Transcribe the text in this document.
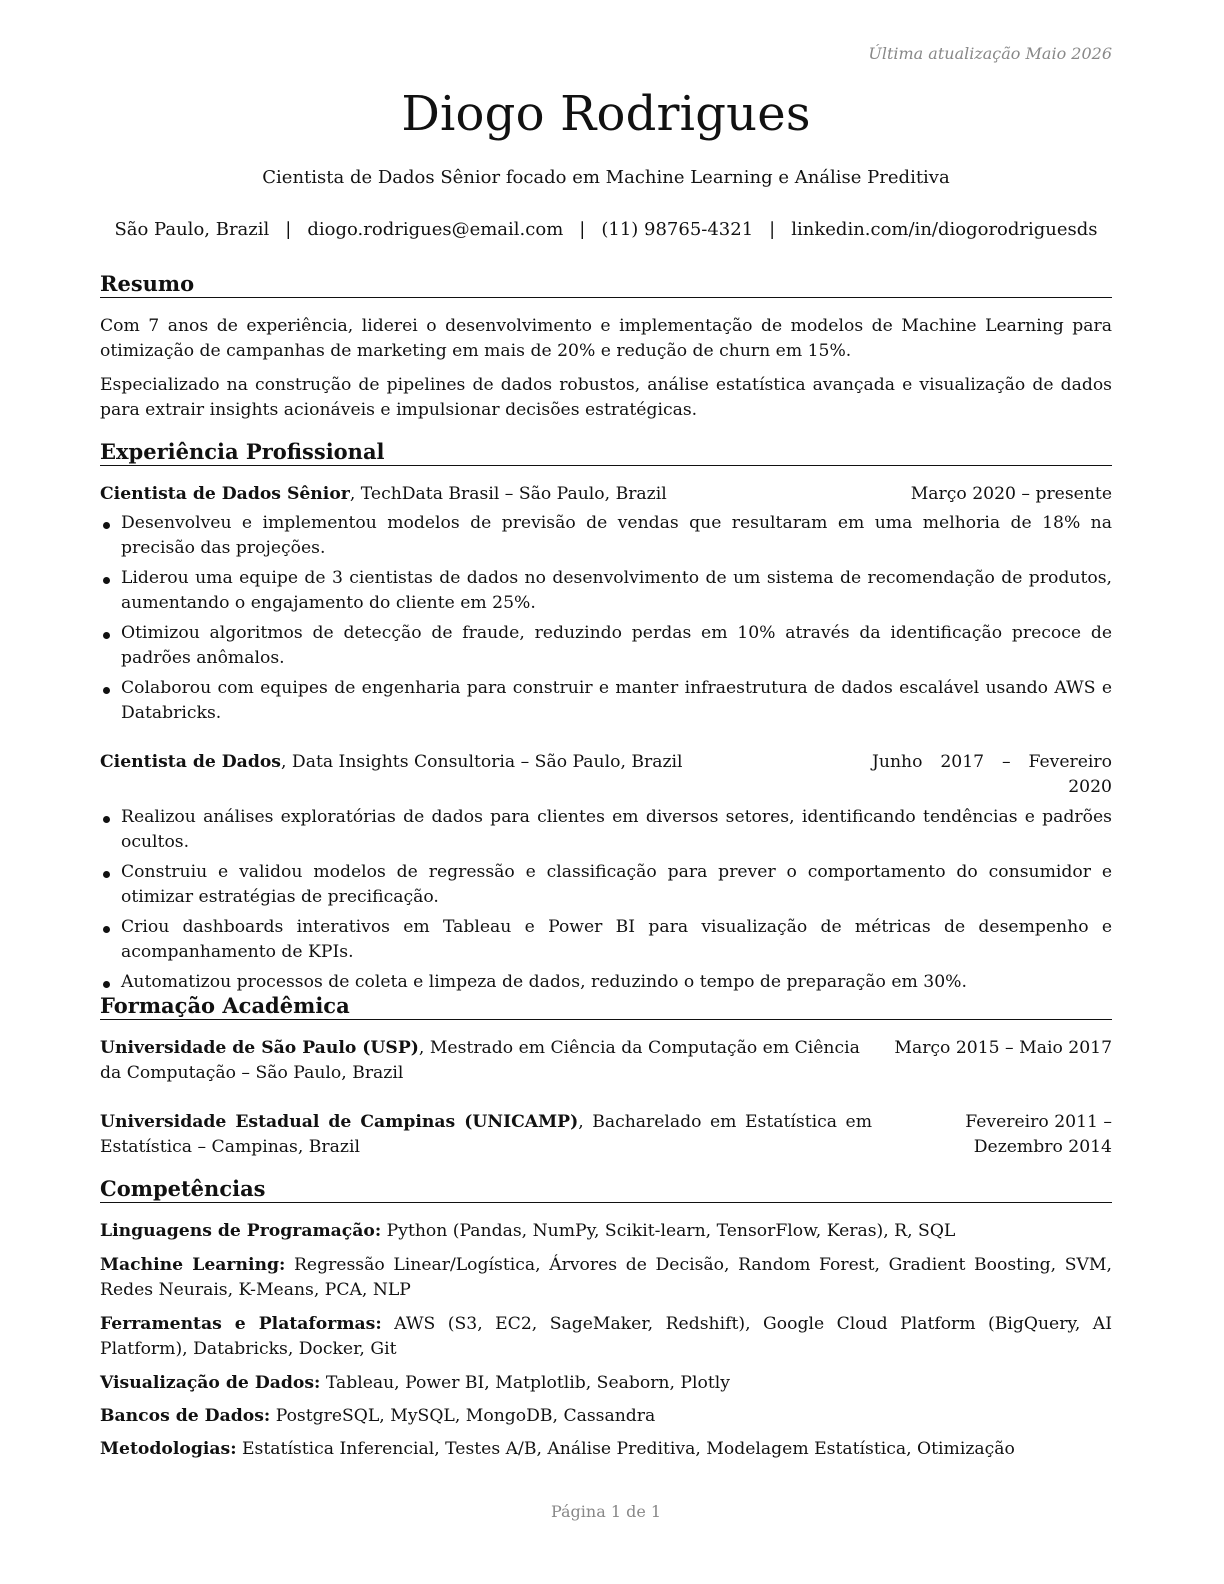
Última atualização Maio 2026
Diogo Rodrigues
Cientista de Dados Sênior focado em Machine Learning e Análise Preditiva
São Paulo, Brazil | diogo.rodrigues@email.com | (11) 98765-4321 | linkedin.com/in/diogorodriguesds
Resumo

Com 7 anos de experiência, liderei o desenvolvimento e implementação de modelos de Machine Learning para otimização de campanhas de marketing em mais de 20% e redução de churn em 15%.

Especializado na construção de pipelines de dados robustos, análise estatística avançada e visualização de dados para extrair insights acionáveis e impulsionar decisões estratégicas.

Experiência Profissional
Cientista de Dados Sênior, TechData Brasil – São Paulo, Brazil	Março 2020 – presente
Desenvolveu e implementou modelos de previsão de vendas que resultaram em uma melhoria de 18% na precisão das projeções.
Liderou uma equipe de 3 cientistas de dados no desenvolvimento de um sistema de recomendação de produtos, aumentando o engajamento do cliente em 25%.
Otimizou algoritmos de detecção de fraude, reduzindo perdas em 10% através da identificação precoce de padrões anômalos.
Colaborou com equipes de engenharia para construir e manter infraestrutura de dados escalável usando AWS e Databricks.
Cientista de Dados, Data Insights Consultoria – São Paulo, Brazil	Junho 2017 – Fevereiro 2020
Realizou análises exploratórias de dados para clientes em diversos setores, identificando tendências e padrões ocultos.
Construiu e validou modelos de regressão e classificação para prever o comportamento do consumidor e otimizar estratégias de precificação.
Criou dashboards interativos em Tableau e Power BI para visualização de métricas de desempenho e acompanhamento de KPIs.
Automatizou processos de coleta e limpeza de dados, reduzindo o tempo de preparação em 30%.
Formação Acadêmica
Universidade de São Paulo (USP), Mestrado em Ciência da Computação em Ciência da Computação – São Paulo, Brazil
Março 2015 – Maio 2017
Universidade Estadual de Campinas (UNICAMP), Bacharelado em Estatística em Estatística – Campinas, Brazil
Fevereiro 2011 – Dezembro 2014
Competências
Linguagens de Programação: Python (Pandas, NumPy, Scikit-learn, TensorFlow, Keras), R, SQL
Machine Learning: Regressão Linear/Logística, Árvores de Decisão, Random Forest, Gradient Boosting, SVM, Redes Neurais, K-Means, PCA, NLP
Ferramentas e Plataformas: AWS (S3, EC2, SageMaker, Redshift), Google Cloud Platform (BigQuery, AI Platform), Databricks, Docker, Git
Visualização de Dados: Tableau, Power BI, Matplotlib, Seaborn, Plotly
Bancos de Dados: PostgreSQL, MySQL, MongoDB, Cassandra
Metodologias: Estatística Inferencial, Testes A/B, Análise Preditiva, Modelagem Estatística, Otimização
Página 1 de 1
